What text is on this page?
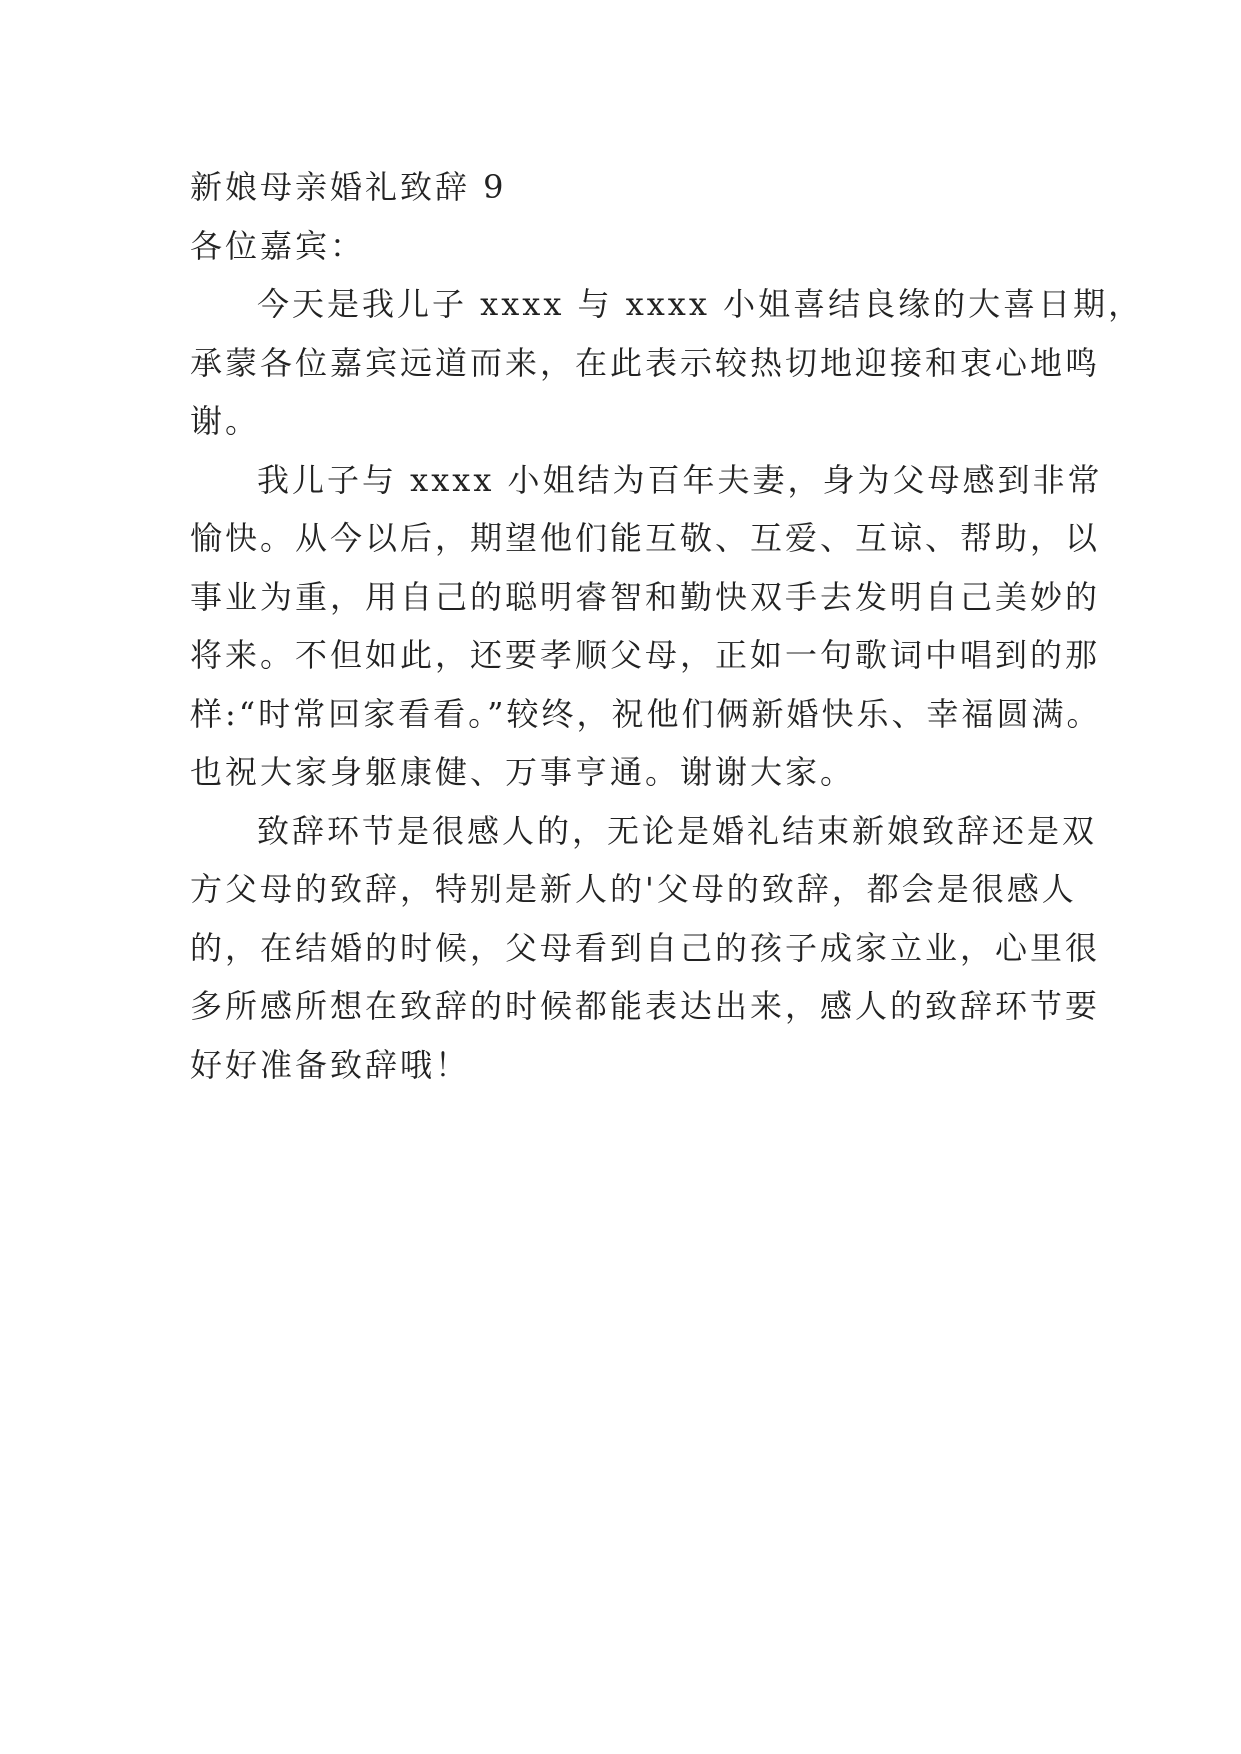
新娘母亲婚礼致辞 9

各位嘉宾：

今天是我儿子 xxxx 与 xxxx 小姐喜结良缘的大喜日期，

承蒙各位嘉宾远道而来，在此表示较热切地迎接和衷心地鸣

谢。

我儿子与 xxxx 小姐结为百年夫妻，身为父母感到非常

愉快。从今以后，期望他们能互敬、互爱、互谅、帮助，以

事业为重，用自己的聪明睿智和勤快双手去发明自己美妙的

将来。不但如此，还要孝顺父母，正如一句歌词中唱到的那

样:“时常回家看看。”较终，祝他们俩新婚快乐、幸福圆满。

也祝大家身躯康健、万事亨通。谢谢大家。

致辞环节是很感人的，无论是婚礼结束新娘致辞还是双

方父母的致辞，特别是新人的'父母的致辞，都会是很感人

的，在结婚的时候，父母看到自己的孩子成家立业，心里很

多所感所想在致辞的时候都能表达出来，感人的致辞环节要

好好准备致辞哦！
